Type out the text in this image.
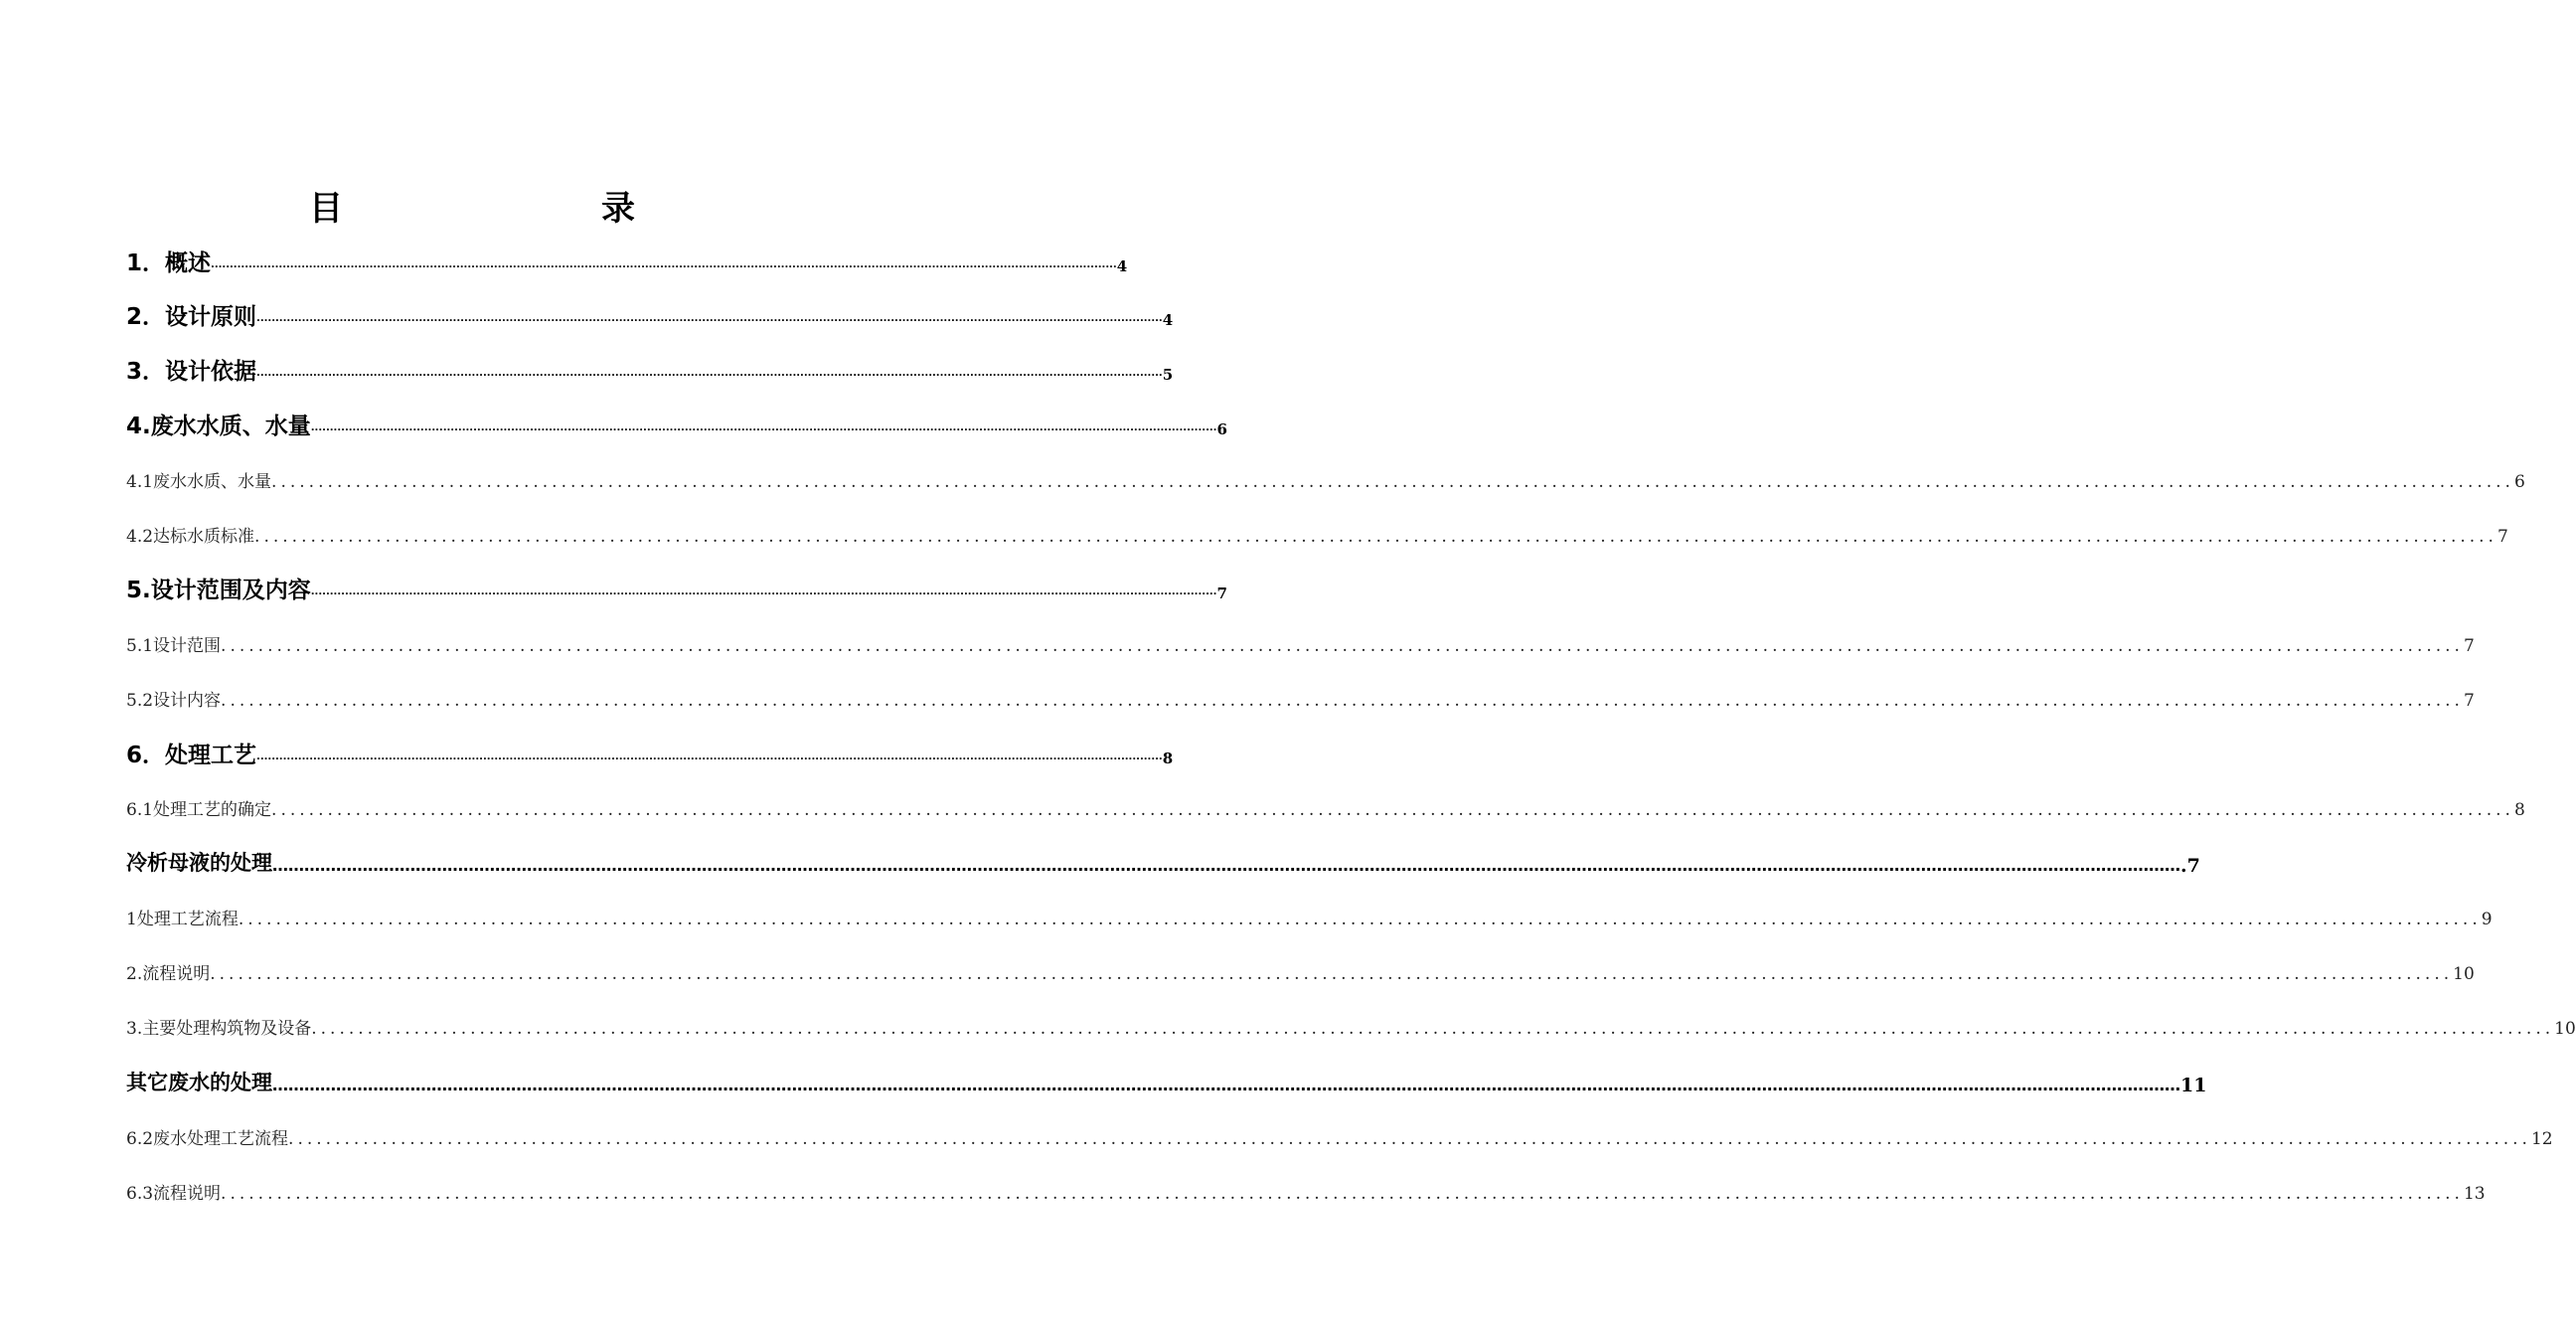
目　　录
1．概述 ................................................................................................................................................................................................................................................ 4
2．设计原则 ................................................................................................................................................................................................................................................ 4
3．设计依据 ................................................................................................................................................................................................................................................ 5
4.废水水质、水量 ................................................................................................................................................................................................................................................ 6
4.1废水水质、水量 ................................................................................................................................................................................................................................................ 6
4.2达标水质标准 ................................................................................................................................................................................................................................................ 7
5.设计范围及内容 ................................................................................................................................................................................................................................................ 7
5.1设计范围 ................................................................................................................................................................................................................................................ 7
5.2设计内容 ................................................................................................................................................................................................................................................ 7
6．处理工艺 ................................................................................................................................................................................................................................................ 8
6.1处理工艺的确定 ................................................................................................................................................................................................................................................ 8
冷析母液的处理 ……………………………………………………………………………………………………………………………………………………………………………………………………………………………………………………………………………………………………………………………… .7
1处理工艺流程 ................................................................................................................................................................................................................................................ 9
2.流程说明 ................................................................................................................................................................................................................................................ 10
3.主要处理构筑物及设备 ................................................................................................................................................................................................................................................ 10
其它废水的处理 ……………………………………………………………………………………………………………………………………………………………………………………………………………………………………………………………………………………………………………………………… 11
6.2废水处理工艺流程 ................................................................................................................................................................................................................................................ 12
6.3流程说明 ................................................................................................................................................................................................................................................ 13
